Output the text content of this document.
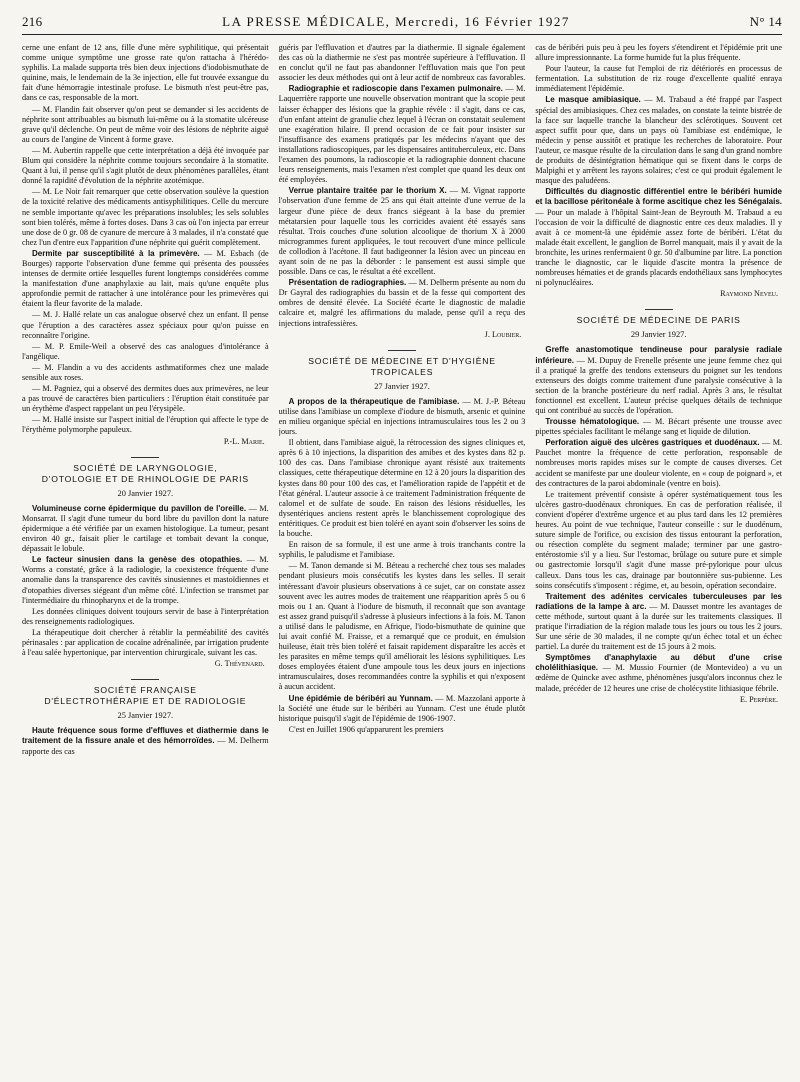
216	LA PRESSE MÉDICALE, Mercredi, 16 Février 1927	N° 14

cerne une enfant de 12 ans, fille d'une mère syphilitique, qui présentait comme unique symptôme une grosse rate qu'on rattacha à l'hérédo-syphilis. La malade supporta très bien deux injections d'iodobismuthate de quinine, mais, le lendemain de la 3e injection, elle fut trouvée exsangue du fait d'une hémorragie intestinale profuse. Le bismuth n'est peut-être pas, dans ce cas, responsable de la mort.

— M. Flandin fait observer qu'on peut se demander si les accidents de néphrite sont attribuables au bismuth lui-même ou à la stomatite ulcéreuse grave qu'il déclenche. On peut de même voir des lésions de néphrite aiguë au cours de l'angine de Vincent à forme grave.

— M. Aubertin rappelle que cette interprétation a déjà été invoquée par Blum qui considère la néphrite comme toujours secondaire à la stomatite. Quant à lui, il pense qu'il s'agit plutôt de deux phénomènes parallèles, étant donné la rapidité d'évolution de la néphrite azotémique.

— M. Le Noir fait remarquer que cette observation soulève la question de la toxicité relative des médicaments antisyphilitiques. Celle du mercure ne semble importante qu'avec les préparations insolubles; les sels solubles sont bien tolérés, même à fortes doses. Dans 3 cas où l'on injecta par erreur une dose de 0 gr. 08 de cyanure de mercure à 3 malades, il n'a constaté que chez l'un d'entre eux l'apparition d'une néphrite qui guérit complètement.

Dermite par susceptibilité à la primevère. — M. Esbach (de Bourges) rapporte l'observation d'une femme qui présenta des poussées intenses de dermite ortiée lesquelles furent longtemps considérées comme la manifestation d'une anaphylaxie au lait, mais qu'une enquête plus approfondie permit de rattacher à une intolérance pour les primevères qui étaient la fleur favorite de la malade.

— M. J. Hallé relate un cas analogue observé chez un enfant. Il pense que l'éruption a des caractères assez spéciaux pour qu'on puisse en reconnaître l'origine.

— M. P. Emile-Weil a observé des cas analogues d'intolérance à l'angélique.

— M. Flandin a vu des accidents asthmatiformes chez une malade sensible aux roses.

— M. Pagniez, qui a observé des dermites dues aux primevères, ne leur a pas trouvé de caractères bien particuliers : l'éruption était constituée par un érythème d'aspect rappelant un peu l'érysipèle.

— M. Hallé insiste sur l'aspect initial de l'éruption qui affecte le type de l'érythème polymorphe papuleux.

P.-L. Marie.
SOCIÉTÉ DE LARYNGOLOGIE,
D'OTOLOGIE ET DE RHINOLOGIE DE PARIS
20 Janvier 1927.

Volumineuse corne épidermique du pavillon de l'oreille. — M. Monsarrat. Il s'agit d'une tumeur du bord libre du pavillon dont la nature épidermique a été vérifiée par un examen histologique. La tumeur, pesant environ 40 gr., faisait plier le cartilage et tombait devant la conque, dépassait le lobule.

Le facteur sinusien dans la genèse des otopathies. — M. Worms a constaté, grâce à la radiologie, la coexistence fréquente d'une anomalie dans la transparence des cavités sinusiennes et mastoïdiennes et d'otopathies diverses siégeant d'un même côté. L'infection se transmet par l'intermédiaire du rhinopharynx et de la trompe.

Les données cliniques doivent toujours servir de base à l'interprétation des renseignements radiologiques.

La thérapeutique doit chercher à rétablir la perméabilité des cavités périnasales : par application de cocaïne adrénalinée, par irrigation prudente à l'eau salée hypertonique, par intervention chirurgicale, suivant les cas.

G. Thévenard.
SOCIÉTÉ FRANÇAISE
D'ÉLECTROTHÉRAPIE ET DE RADIOLOGIE
25 Janvier 1927.

Haute fréquence sous forme d'effluves et diathermie dans le traitement de la fissure anale et des hémorroïdes. — M. Delherm rapporte des cas

guéris par l'effluvation et d'autres par la diathermie. Il signale également des cas où la diathermie ne s'est pas montrée supérieure à l'effluvation. Il en conclut qu'il ne faut pas abandonner l'effluvation mais que l'on peut associer les deux méthodes qui ont à leur actif de nombreux cas favorables.

Radiographie et radioscopie dans l'examen pulmonaire. — M. Laquerrière rapporte une nouvelle observation montrant que la scopie peut laisser échapper des lésions que la graphie révèle : il s'agit, dans ce cas, d'un enfant atteint de granulie chez lequel à l'écran on constatait seulement une exagération hilaire. Il prend occasion de ce fait pour insister sur l'insuffisance des examens pratiqués par les médecins n'ayant que des installations radioscopiques, par les dispensaires antituberculeux, etc. Dans l'examen des poumons, la radioscopie et la radiographie donnent chacune leurs renseignements, mais l'examen n'est complet que quand les deux ont été employées.

Verrue plantaire traitée par le thorium X. — M. Vignat rapporte l'observation d'une femme de 25 ans qui était atteinte d'une verrue de la largeur d'une pièce de deux francs siégeant à la base du premier métatarsien pour laquelle tous les corricides avaient été essayés sans résultat. Trois couches d'une solution alcoolique de thorium X à 2000 microgrammes furent appliquées, le tout recouvert d'une mince pellicule de collodion à l'acétone. Il faut badigeonner la lésion avec un pinceau en ayant soin de ne pas la déborder : le pansement est aussi simple que possible. Dans ce cas, le résultat a été excellent.

Présentation de radiographies. — M. Delherm présente au nom du Dr Gayral des radiographies du bassin et de la fesse qui comportent des ombres de densité élevée. La Société écarte le diagnostic de maladie calcaire et, malgré les affirmations du malade, pense qu'il a reçu des injections intrafessières.

J. Loubier.
SOCIÉTÉ DE MÉDECINE ET D'HYGIÈNE TROPICALES
27 Janvier 1927.

A propos de la thérapeutique de l'amibiase. — M. J.-P. Béteau utilise dans l'amibiase un complexe d'iodure de bismuth, arsenic et quinine en milieu organique spécial en injections intramusculaires tous les 2 ou 3 jours.

Il obtient, dans l'amibiase aiguë, la rétrocession des signes cliniques et, après 6 à 10 injections, la disparition des amibes et des kystes dans 82 p. 100 des cas. Dans l'amibiase chronique ayant résisté aux traitements classiques, cette thérapeutique détermine en 12 à 20 jours la disparition des kystes dans 80 pour 100 des cas, et l'amélioration rapide de l'appétit et de l'état général. L'auteur associe à ce traitement l'administration fréquente de calomel et de sulfate de soude. En raison des lésions résiduelles, les dysentériques anciens restent après le blanchissement coprologique des entéritiques. Ce produit est bien toléré en ayant soin d'observer les soins de la bouche.

En raison de sa formule, il est une arme à trois tranchants contre la syphilis, le paludisme et l'amibiase.

— M. Tanon demande si M. Béteau a recherché chez tous ses malades pendant plusieurs mois consécutifs les kystes dans les selles. Il serait intéressant d'avoir plusieurs observations à ce sujet, car on constate assez souvent avec les autres modes de traitement une réapparition après 5 ou 6 mois ou 1 an. Quant à l'iodure de bismuth, il reconnaît que son avantage est assez grand puisqu'il s'adresse à plusieurs infections à la fois. M. Tanon a utilisé dans le paludisme, en Afrique, l'iodo-bismuthate de quinine que lui avait confié M. Fraisse, et a remarqué que ce produit, en émulsion huileuse, était très bien toléré et faisait rapidement disparaître les accès et les parasites en même temps qu'il améliorait les lésions syphilitiques. Les doses employées étaient d'une ampoule tous les deux jours en injections intramusculaires, doses recommandées contre la syphilis et qui n'exposent à aucun accident.

Une épidémie de béribéri au Yunnam. — M. Mazzolani apporte à la Société une étude sur le béribéri au Yunnam. C'est une étude plutôt historique puisqu'il s'agit de l'épidémie de 1906-1907.

C'est en Juillet 1906 qu'apparurent les premiers

cas de béribéri puis peu à peu les foyers s'étendirent et l'épidémie prit une allure impressionnante. La forme humide fut la plus fréquente.

Pour l'auteur, la cause fut l'emploi de riz détériorés en processus de fermentation. La substitution de riz rouge d'excellente qualité enraya immédiatement l'épidémie.

Le masque amibiasique. — M. Trabaud a été frappé par l'aspect spécial des amibiasiques. Chez ces malades, on constate la teinte bistrée de la face sur laquelle tranche la blancheur des sclérotiques. Souvent cet aspect suffit pour que, dans un pays où l'amibiase est endémique, le médecin y pense aussitôt et pratique les recherches de laboratoire. Pour l'auteur, ce masque résulte de la circulation dans le sang d'un grand nombre de produits de désintégration hématique qui se fixent dans le corps de Malpighi et y arrêtent les rayons solaires; c'est ce qui produit également le masque des paludéens.

Difficultés du diagnostic différentiel entre le béribéri humide et la bacillose péritonéale à forme ascitique chez les Sénégalais. — Pour un malade à l'hôpital Saint-Jean de Beyrouth M. Trabaud a eu l'occasion de voir la difficulté de diagnostic entre ces deux maladies. Il y avait à ce moment-là une épidémie assez forte de béribéri. L'état du malade était excellent, le ganglion de Borrel manquait, mais il y avait de la bronchite, les urines renfermaient 0 gr. 50 d'albumine par litre. La ponction tranche le diagnostic, car le liquide d'ascite montra la présence de nombreuses hématies et de grands placards endothéliaux sans lymphocytes ni polynucléaires.

Raymond Neveu.
SOCIÉTÉ DE MÉDECINE DE PARIS
29 Janvier 1927.

Greffe anastomotique tendineuse pour paralysie radiale inférieure. — M. Dupuy de Frenelle présente une jeune femme chez qui il a pratiqué la greffe des tendons extenseurs du poignet sur les tendons extenseurs des doigts comme traitement d'une paralysie consécutive à la section de la branche postérieure du nerf radial. Après 3 ans, le résultat fonctionnel est excellent. L'auteur précise quelques détails de technique qui ont contribué au succès de l'opération.

Trousse hématologique. — M. Bécart présente une trousse avec pipettes spéciales facilitant le mélange sang et liquide de dilution.

Perforation aiguë des ulcères gastriques et duodénaux. — M. Pauchet montre la fréquence de cette perforation, responsable de nombreuses morts rapides mises sur le compte de causes diverses. Cet accident se manifeste par une douleur violente, en « coup de poignard », et des contractures de la paroi abdominale (ventre en bois).

Le traitement préventif consiste à opérer systématiquement tous les ulcères gastro-duodénaux chroniques. En cas de perforation réalisée, il convient d'opérer d'extrême urgence et au plus tard dans les 12 premières heures. Au point de vue technique, l'auteur conseille : sur le duodénum, suture simple de l'orifice, ou excision des tissus entourant la perforation, ou résection complète du segment malade; terminer par une gastro-entérostomie s'il y a lieu. Sur l'estomac, brûlage ou suture pure et simple ou gastrectomie lorsqu'il s'agit d'une masse pré-pylorique pour ulcus calleux. Dans tous les cas, drainage par boutonnière sus-pubienne. Les soins consécutifs s'imposent : régime, et, au besoin, opération secondaire.

Traitement des adénites cervicales tuberculeuses par les radiations de la lampe à arc. — M. Dausset montre les avantages de cette méthode, surtout quant à la durée sur les traitements classiques. Il pratique l'irradiation de la région malade tous les jours ou tous les 2 jours. Sur une série de 30 malades, il ne compte qu'un échec total et un échec partiel. La durée du traitement est de 15 jours à 2 mois.

Symptômes d'anaphylaxie au début d'une crise cholélithiasique. — M. Mussio Fournier (de Montevideo) a vu un œdème de Quincke avec asthme, phénomènes jusqu'alors inconnus chez le malade, précéder de 12 heures une crise de cholécystite lithiasique fébrile.

E. Perpère.
